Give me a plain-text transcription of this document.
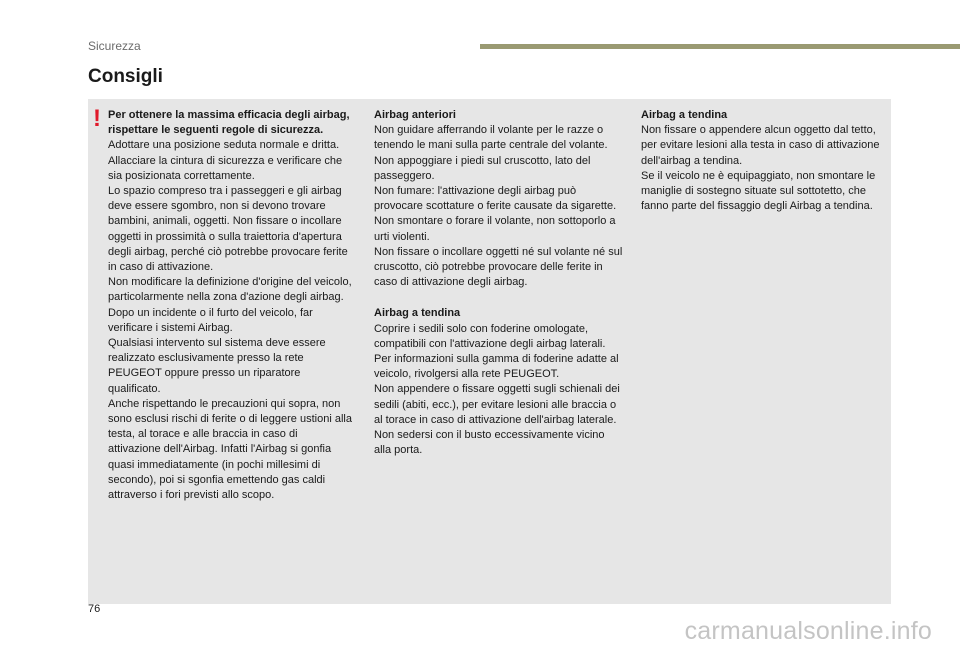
Sicurezza
Consigli
! Per ottenere la massima efficacia degli airbag, rispettare le seguenti regole di sicurezza.

Adottare una posizione seduta normale e dritta.
Allacciare la cintura di sicurezza e verificare che sia posizionata correttamente.
Lo spazio compreso tra i passeggeri e gli airbag deve essere sgombro, non si devono trovare bambini, animali, oggetti. Non fissare o incollare oggetti in prossimità o sulla traiettoria d'apertura degli airbag, perché ciò potrebbe provocare ferite in caso di attivazione.
Non modificare la definizione d'origine del veicolo, particolarmente nella zona d'azione degli airbag.
Dopo un incidente o il furto del veicolo, far verificare i sistemi Airbag.
Qualsiasi intervento sul sistema deve essere realizzato esclusivamente presso la rete PEUGEOT oppure presso un riparatore qualificato.
Anche rispettando le precauzioni qui sopra, non sono esclusi rischi di ferite o di leggere ustioni alla testa, al torace e alle braccia in caso di attivazione dell'Airbag. Infatti l'Airbag si gonfia quasi immediatamente (in pochi millesimi di secondo), poi si sgonfia emettendo gas caldi attraverso i fori previsti allo scopo.

Airbag anteriori

Non guidare afferrando il volante per le razze o tenendo le mani sulla parte centrale del volante.
Non appoggiare i piedi sul cruscotto, lato del passeggero.
Non fumare: l'attivazione degli airbag può provocare scottature o ferite causate da sigarette.
Non smontare o forare il volante, non sottoporlo a urti violenti.
Non fissare o incollare oggetti né sul volante né sul cruscotto, ciò potrebbe provocare delle ferite in caso di attivazione degli airbag.

Airbag a tendina

Coprire i sedili solo con foderine omologate, compatibili con l'attivazione degli airbag laterali. Per informazioni sulla gamma di foderine adatte al veicolo, rivolgersi alla rete PEUGEOT.
Non appendere o fissare oggetti sugli schienali dei sedili (abiti, ecc.), per evitare lesioni alle braccia o al torace in caso di attivazione dell'airbag laterale.
Non sedersi con il busto eccessivamente vicino alla porta.

Airbag a tendina

Non fissare o appendere alcun oggetto dal tetto, per evitare lesioni alla testa in caso di attivazione dell'airbag a tendina.
Se il veicolo ne è equipaggiato, non smontare le maniglie di sostegno situate sul sottotetto, che fanno parte del fissaggio degli Airbag a tendina.

76
carmanualsonline.info
